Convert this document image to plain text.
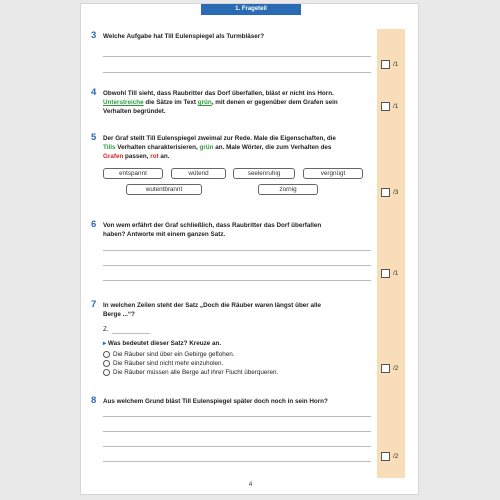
1. Frageteil
3 Welche Aufgabe hat Till Eulenspiegel als Turmbläser?
/1
4 Obwohl Till sieht, dass Raubritter das Dorf überfallen, bläst er nicht ins Horn.
Unterstreiche die Sätze im Text grün, mit denen er gegenüber dem Grafen sein
Verhalten begründet.
/1
5 Der Graf stellt Till Eulenspiegel zweimal zur Rede. Male die Eigenschaften, die
Tills Verhalten charakterisieren, grün an. Male Wörter, die zum Verhalten des
Grafen passen, rot an.
entspannt	wütend	seelenruhig	vergnügt
wutentbrannt	zornig	/3
6 Von wem erfährt der Graf schließlich, dass Raubritter das Dorf überfallen
haben? Antworte mit einem ganzen Satz.
/1
7 In welchen Zeilen steht der Satz „Doch die Räuber waren längst über alle
Berge ...“?
Z.
▸ Was bedeutet dieser Satz? Kreuze an.
Die Räuber sind über ein Gebirge geflohen.
Die Räuber sind nicht mehr einzuholen.
Die Räuber müssen alle Berge auf ihrer Flucht überqueren.
/2
8 Aus welchem Grund bläst Till Eulenspiegel später doch noch in sein Horn?
/2
4
